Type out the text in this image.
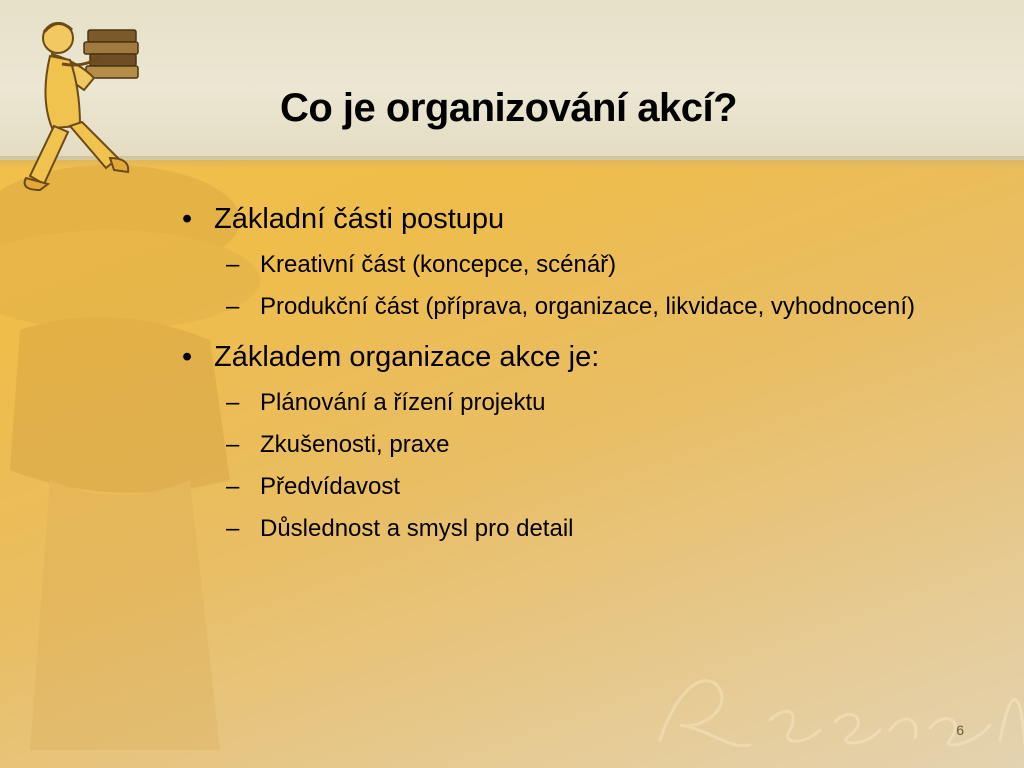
Co je organizování akcí?
• Základní části postupu
– Kreativní část (koncepce, scénář)
– Produkční část (příprava, organizace, likvidace, vyhodnocení)
• Základem organizace akce je:
– Plánování a řízení projektu
– Zkušenosti, praxe
– Předvídavost
– Důslednost a smysl pro detail
6
